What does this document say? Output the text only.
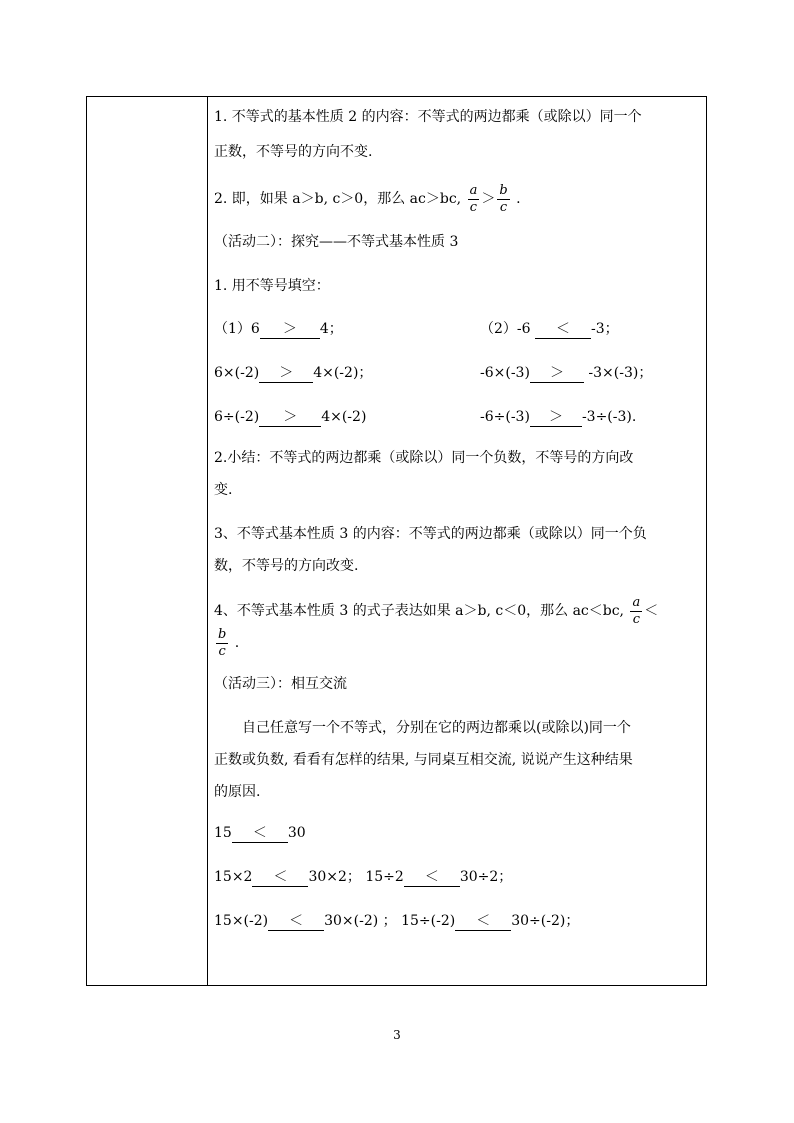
1. 不等式的基本性质 2 的内容：不等式的两边都乘（或除以）同一个

正数，不等号的方向不变.

2. 即，如果 a＞b, c＞0，那么 ac＞bc, $\frac{a}{c} > \frac{b}{c}$ .

（活动二）：探究——不等式基本性质 3

1. 用不等号填空：

（1）6 ＞ 4；	（2）-6 ＜ -3；
6×(-2) ＞ 4×(-2)；	-6×(-3) ＞ -3×(-3)；
6÷(-2) ＞ 4×(-2)	-6÷(-3) ＞ -3÷(-3).

2.小结：不等式的两边都乘（或除以）同一个负数，不等号的方向改

变.

3、不等式基本性质 3 的内容：不等式的两边都乘（或除以）同一个负

数，不等号的方向改变.

4、不等式基本性质 3 的式子表达如果 a＞b, c＜0，那么 ac＜bc, $\frac{a}{c}$ ＜

$\frac{b}{c}$ .

（活动三）：相互交流

自己任意写一个不等式，分别在它的两边都乘以(或除以)同一个

正数或负数, 看看有怎样的结果, 与同桌互相交流, 说说产生这种结果

的原因.

15 ＜ 30
15×2 ＜ 30×2； 15÷2 ＜ 30÷2；
15×(-2) ＜ 30×(-2) ； 15÷(-2) ＜ 30÷(-2)；
3
